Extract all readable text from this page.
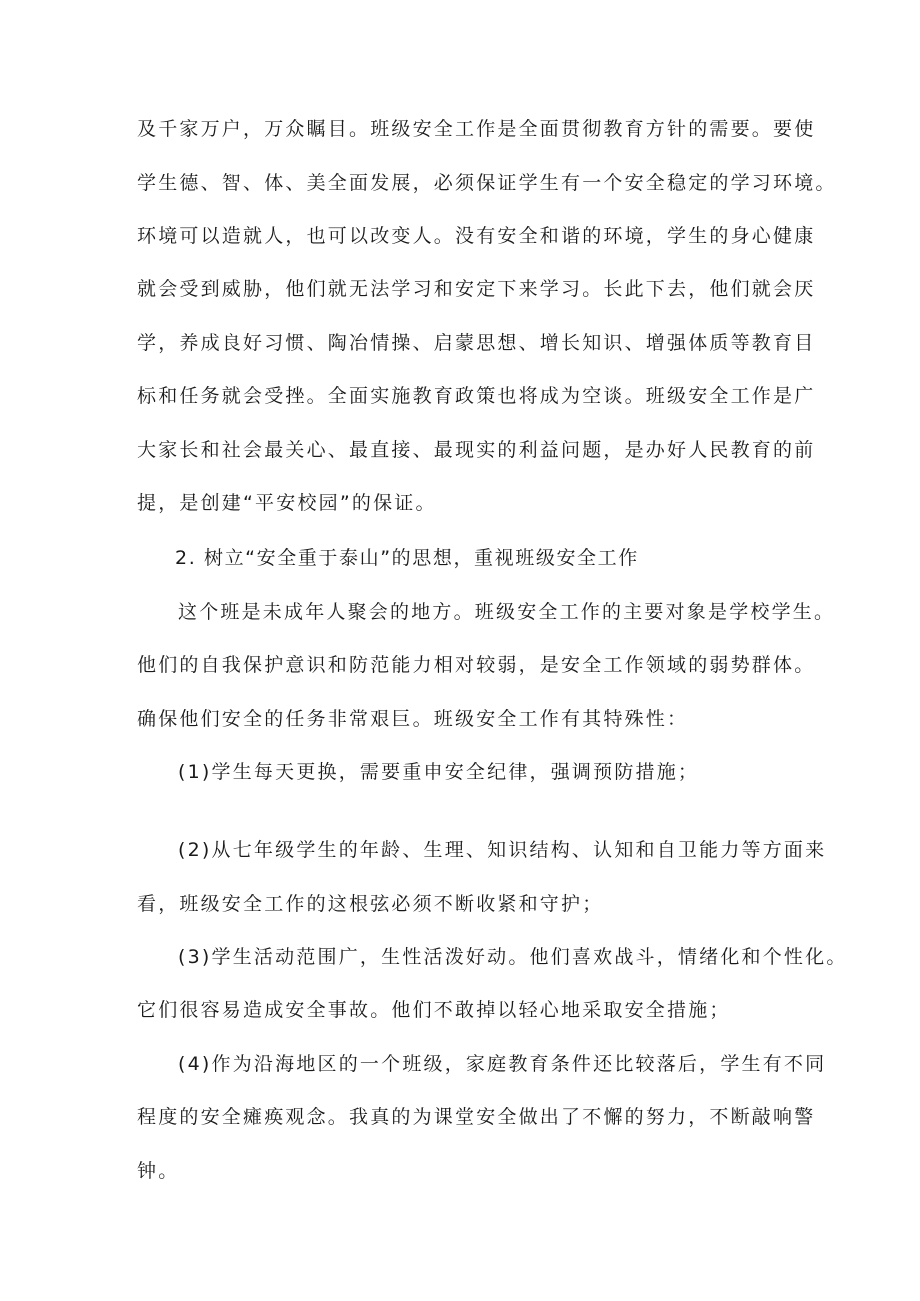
及千家万户，万众瞩目。班级安全工作是全面贯彻教育方针的需要。要使
学生德、智、体、美全面发展，必须保证学生有一个安全稳定的学习环境。
环境可以造就人，也可以改变人。没有安全和谐的环境，学生的身心健康
就会受到威胁，他们就无法学习和安定下来学习。长此下去，他们就会厌
学，养成良好习惯、陶冶情操、启蒙思想、增长知识、增强体质等教育目
标和任务就会受挫。全面实施教育政策也将成为空谈。班级安全工作是广
大家长和社会最关心、最直接、最现实的利益问题，是办好人民教育的前
提，是创建“平安校园”的保证。
2. 树立“安全重于泰山”的思想，重视班级安全工作
这个班是未成年人聚会的地方。班级安全工作的主要对象是学校学生。
他们的自我保护意识和防范能力相对较弱，是安全工作领域的弱势群体。
确保他们安全的任务非常艰巨。班级安全工作有其特殊性：
(1)学生每天更换，需要重申安全纪律，强调预防措施；
(2)从七年级学生的年龄、生理、知识结构、认知和自卫能力等方面来
看，班级安全工作的这根弦必须不断收紧和守护；
(3)学生活动范围广，生性活泼好动。他们喜欢战斗，情绪化和个性化。
它们很容易造成安全事故。他们不敢掉以轻心地采取安全措施；
(4)作为沿海地区的一个班级，家庭教育条件还比较落后，学生有不同
程度的安全瘫痪观念。我真的为课堂安全做出了不懈的努力，不断敲响警
钟。
